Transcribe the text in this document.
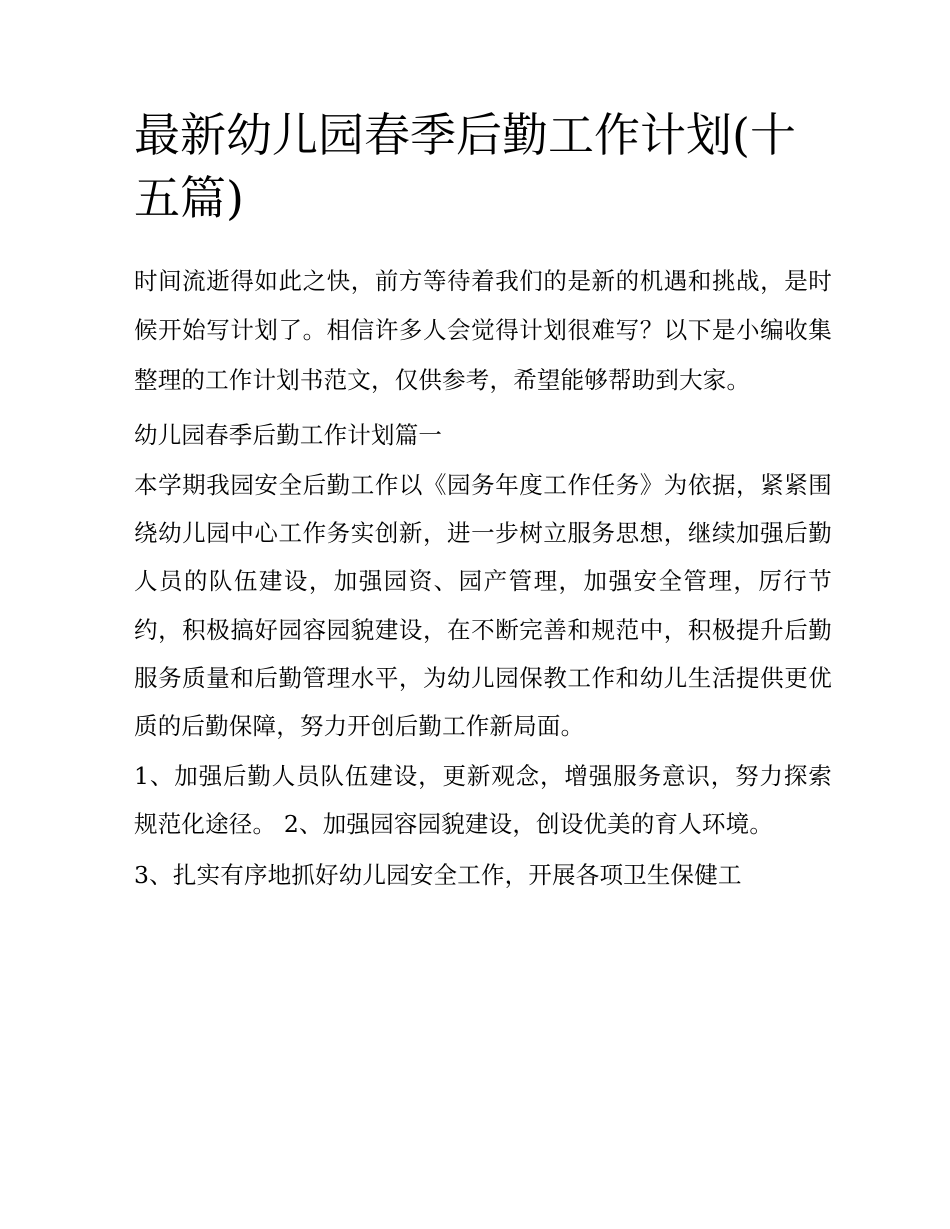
最新幼儿园春季后勤工作计划(十五篇)

时间流逝得如此之快，前方等待着我们的是新的机遇和挑战，是时候开始写计划了。相信许多人会觉得计划很难写？以下是小编收集整理的工作计划书范文，仅供参考，希望能够帮助到大家。

幼儿园春季后勤工作计划篇一

本学期我园安全后勤工作以《园务年度工作任务》为依据，紧紧围绕幼儿园中心工作务实创新，进一步树立服务思想，继续加强后勤人员的队伍建设，加强园资、园产管理，加强安全管理，厉行节约，积极搞好园容园貌建设，在不断完善和规范中，积极提升后勤服务质量和后勤管理水平，为幼儿园保教工作和幼儿生活提供更优质的后勤保障，努力开创后勤工作新局面。

1、加强后勤人员队伍建设，更新观念，增强服务意识，努力探索规范化途径。 2、加强园容园貌建设，创设优美的育人环境。

3、扎实有序地抓好幼儿园安全工作，开展各项卫生保健工
